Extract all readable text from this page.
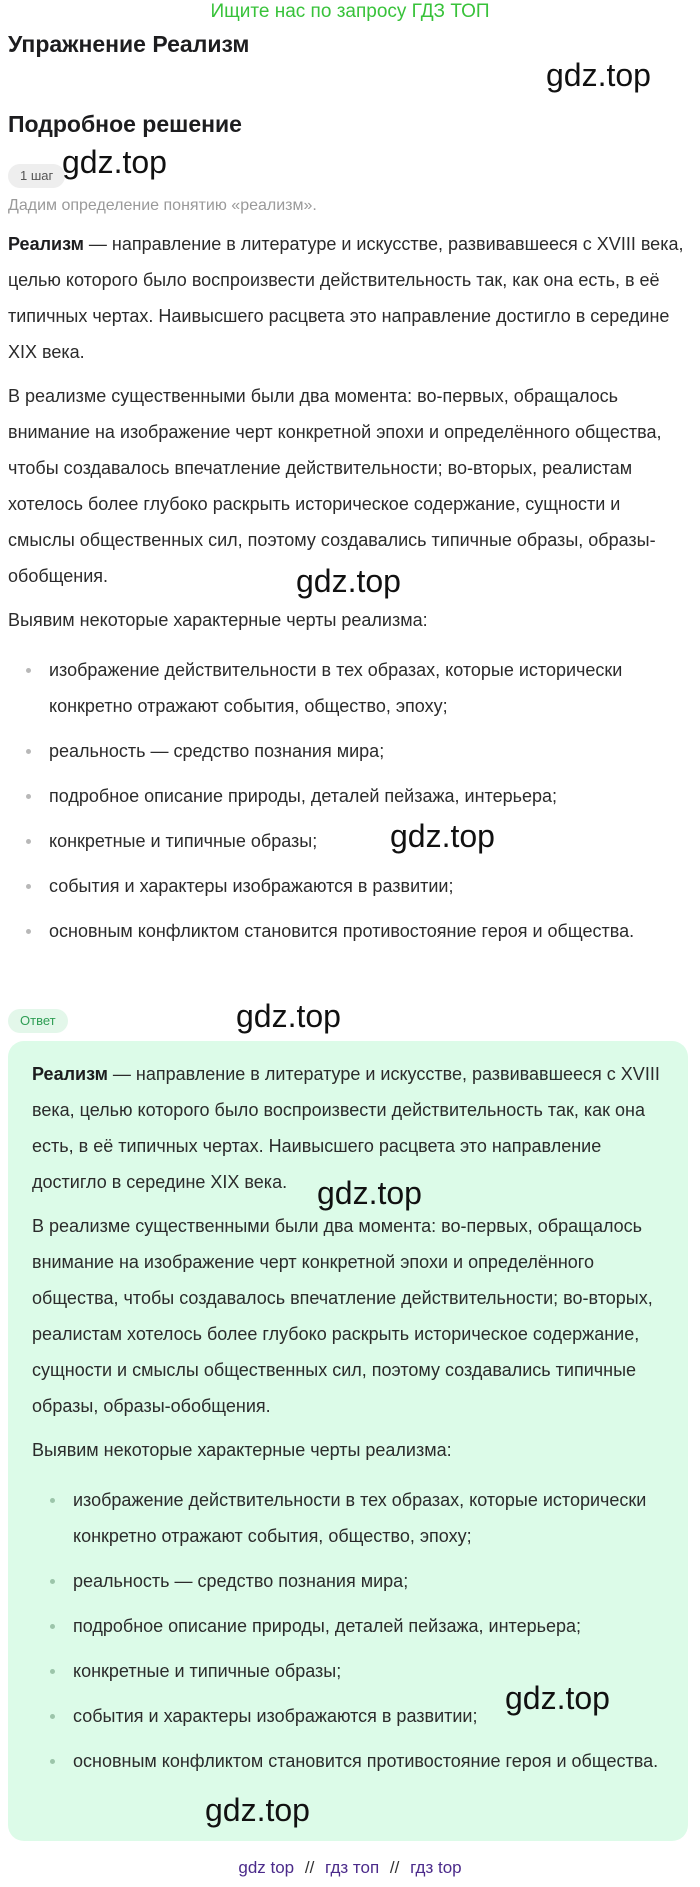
Ищите нас по запросу ГДЗ ТОП
Упражнение Реализм
gdz.top
Подробное решение
1 шаг gdz.top
Дадим определение понятию «реализм».

Реализм — направление в литературе и искусстве, развивавшееся с XVIII века, целью которого было воспроизвести действительность так, как она есть, в её типичных чертах. Наивысшего расцвета это направление достигло в середине XIX века.

В реализме существенными были два момента: во-первых, обращалось внимание на изображение черт конкретной эпохи и определённого общества, чтобы создавалось впечатление действительности; во-вторых, реалистам хотелось более глубоко раскрыть историческое содержание, сущности и смыслы общественных сил, поэтому создавались типичные образы, образы-обобщения.

Выявим некоторые характерные черты реализма:

изображение действительности в тех образах, которые исторически конкретно отражают события, общество, эпоху;
реальность — средство познания мира;
подробное описание природы, деталей пейзажа, интерьера;
конкретные и типичные образы;
события и характеры изображаются в развитии;
основным конфликтом становится противостояние героя и общества.
gdz.top
gdz.top
Ответ	gdz.top

Реализм — направление в литературе и искусстве, развивавшееся с XVIII века, целью которого было воспроизвести действительность так, как она есть, в её типичных чертах. Наивысшего расцвета это направление достигло в середине XIX века.

В реализме существенными были два момента: во-первых, обращалось внимание на изображение черт конкретной эпохи и определённого общества, чтобы создавалось впечатление действительности; во-вторых, реалистам хотелось более глубоко раскрыть историческое содержание, сущности и смыслы общественных сил, поэтому создавались типичные образы, образы-обобщения.

Выявим некоторые характерные черты реализма:

изображение действительности в тех образах, которые исторически конкретно отражают события, общество, эпоху;
реальность — средство познания мира;
подробное описание природы, деталей пейзажа, интерьера;
конкретные и типичные образы;
события и характеры изображаются в развитии;
основным конфликтом становится противостояние героя и общества.
gdz.top
gdz.top
gdz.top
gdz top // гдз топ // гдз top
